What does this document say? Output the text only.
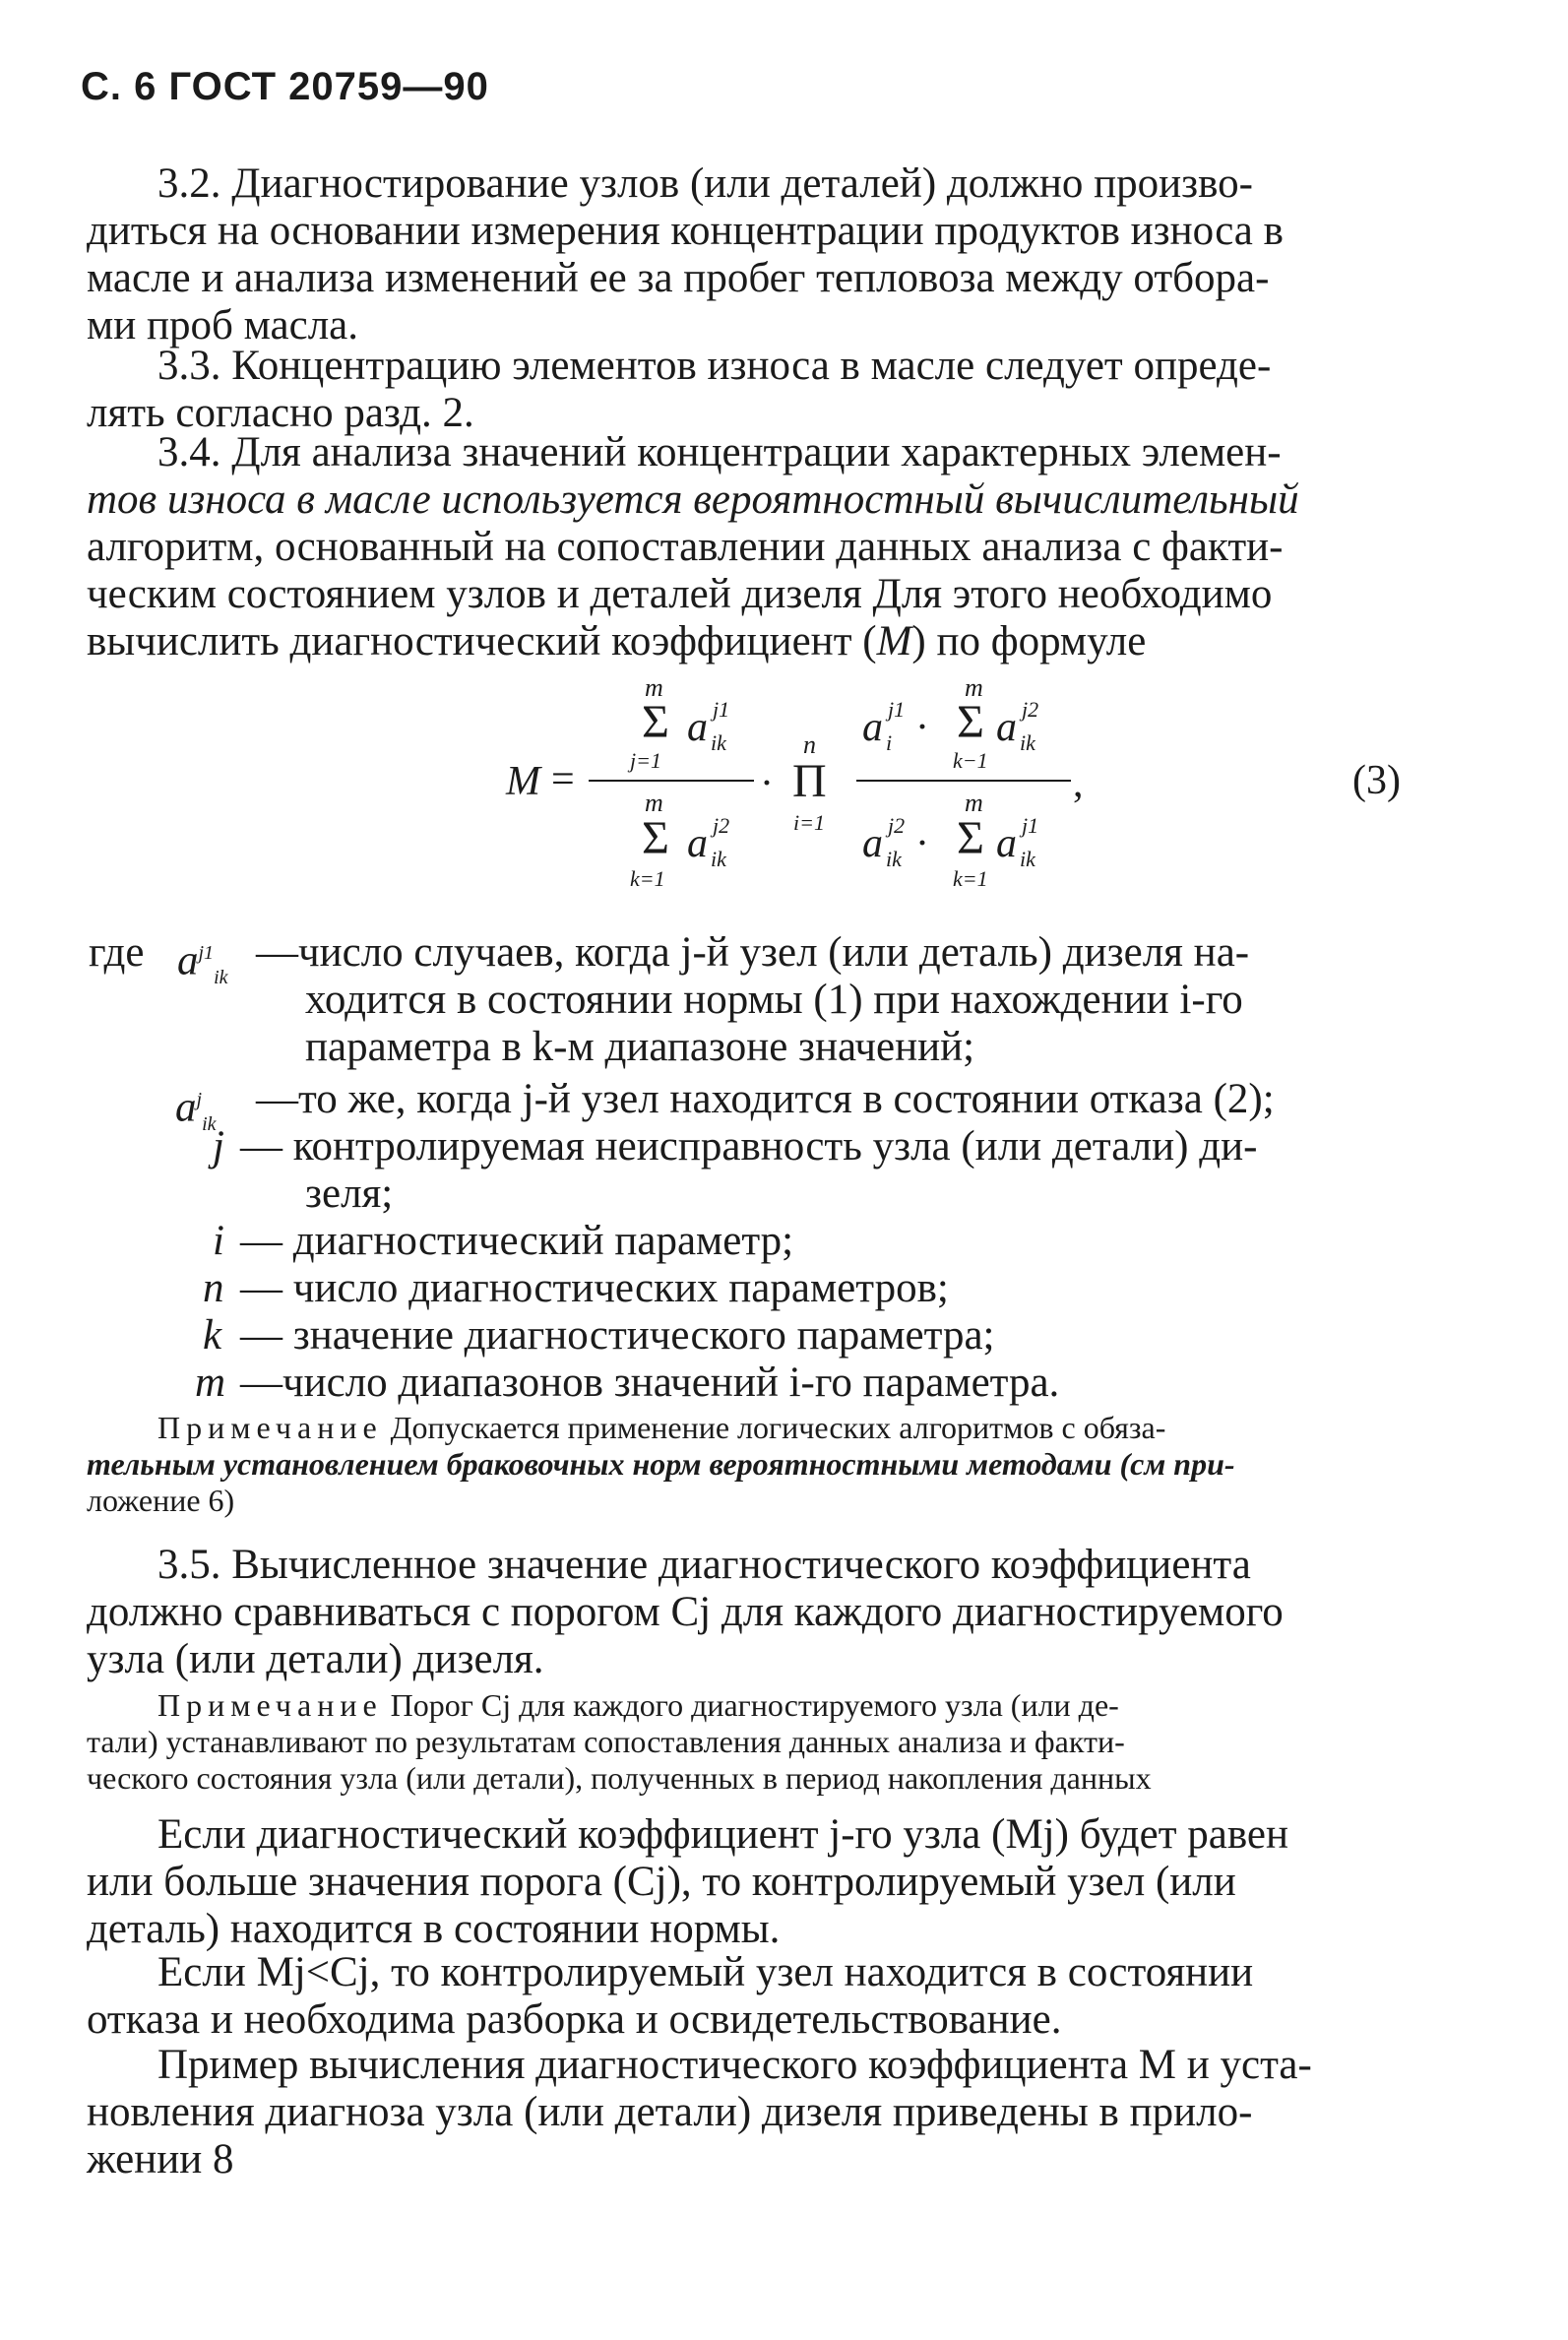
С. 6 ГОСТ 20759—90

3.2. Диагностирование узлов (или деталей) должно произво-

диться на основании измерения концентрации продуктов износа в

масле и анализа изменений ее за пробег тепловоза между отбора-

ми проб масла.

3.3. Концентрацию элементов износа в масле следует опреде-

лять согласно разд. 2.

3.4. Для анализа значений концентрации характерных элемен-

тов износа в масле используется вероятностный вычислительный

алгоритм, основанный на сопоставлении данных анализа с факти-

ческим состоянием узлов и деталей дизеля Для этого необходимо

вычислить диагностический коэффициент (M) по формуле

M =
m
Σ a j1
ik
j=1
m
Σ a j2
ik
k=1
·
n
Π
i=1
a j1
i ·
m
Σ a j2
ik
k−1
a j2
ik ·
m
Σ a j1
ik
k=1
,	(3)
где $a^{j1}_{ik}$
—число случаев, когда j-й узел (или деталь) дизеля на-
ходится в состоянии нормы (1) при нахождении i-го
параметра в k-м диапазоне значений;
$a^j_{ik}$
—то же, когда j-й узел находится в состоянии отказа (2);
j — контролируемая неисправность узла (или детали) ди-
зеля;
i — диагностический параметр;
n — число диагностических параметров;
k — значение диагностического параметра;
m —число диапазонов значений i-го параметра.

Примечание Допускается применение логических алгоритмов с обяза-

тельным установлением браковочных норм вероятностными методами (см при-

ложение 6)

3.5. Вычисленное значение диагностического коэффициента

должно сравниваться с порогом Cj для каждого диагностируемого

узла (или детали) дизеля.

Примечание Порог Cj для каждого диагностируемого узла (или де-

тали) устанавливают по результатам сопоставления данных анализа и факти-

ческого состояния узла (или детали), полученных в период накопления данных

Если диагностический коэффициент j-го узла (Mj) будет равен

или больше значения порога (Cj), то контролируемый узел (или

деталь) находится в состоянии нормы.

Если Mj<Cj, то контролируемый узел находится в состоянии

отказа и необходима разборка и освидетельствование.

Пример вычисления диагностического коэффициента M и уста-

новления диагноза узла (или детали) дизеля приведены в прило-

жении 8
